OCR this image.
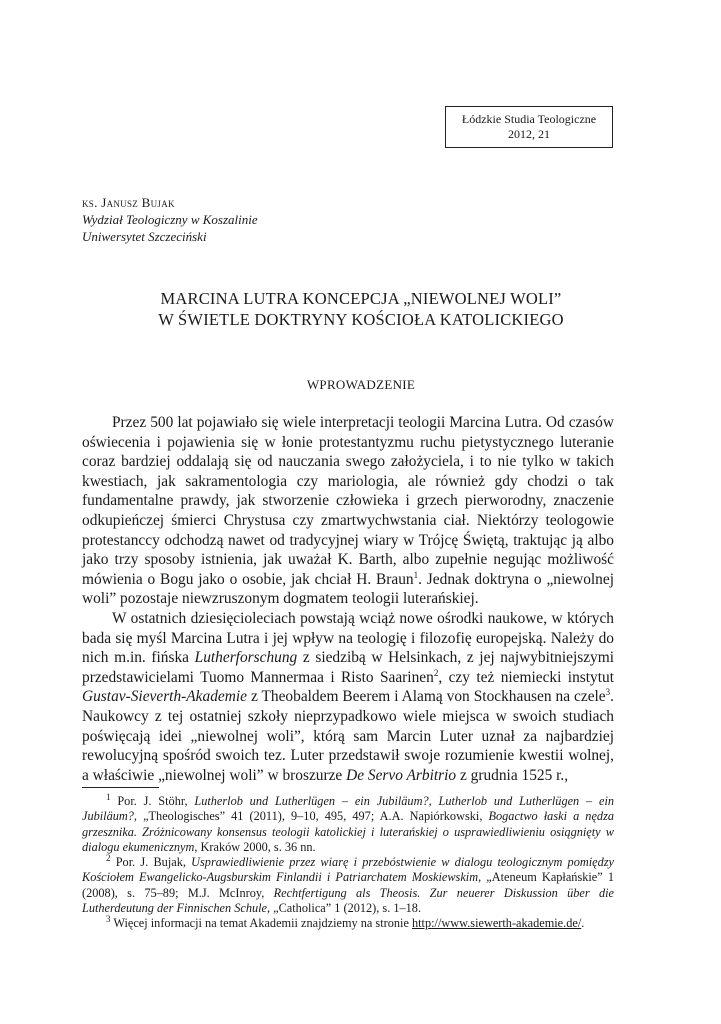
Łódzkie Studia Teologiczne
2012, 21
ks. Janusz Bujak
Wydział Teologiczny w Koszalinie
Uniwersytet Szczeciński
MARCINA LUTRA KONCEPCJA „NIEWOLNEJ WOLI”
W ŚWIETLE DOKTRYNY KOŚCIOŁA KATOLICKIEGO
WPROWADZENIE

Przez 500 lat pojawiało się wiele interpretacji teologii Marcina Lutra. Od czasów oświecenia i pojawienia się w łonie protestantyzmu ruchu pietystycznego luteranie coraz bardziej oddalają się od nauczania swego założyciela, i to nie tylko w takich kwestiach, jak sakramentologia czy mariologia, ale również gdy chodzi o tak fundamentalne prawdy, jak stworzenie człowieka i grzech pierworodny, znaczenie odkupieńczej śmierci Chrystusa czy zmartwychwstania ciał. Niektórzy teologowie protestanccy odchodzą nawet od tradycyjnej wiary w Trójcę Świętą, traktując ją albo jako trzy sposoby istnienia, jak uważał K. Barth, albo zupełnie negując możliwość mówienia o Bogu jako o osobie, jak chciał H. Braun$^1$. Jednak doktryna o „niewolnej woli” pozostaje niewzruszonym dogmatem teologii luterańskiej.

W ostatnich dziesięcioleciach powstają wciąż nowe ośrodki naukowe, w których bada się myśl Marcina Lutra i jej wpływ na teologię i filozofię europejską. Należy do nich m.in. fińska Lutherforschung z siedzibą w Helsinkach, z jej najwybitniejszymi przedstawicielami Tuomo Mannermaa i Risto Saarinen$^2$, czy też niemiecki instytut Gustav-Sieverth-Akademie z Theobaldem Beerem i Alamą von Stockhausen na czele$^3$. Naukowcy z tej ostatniej szkoły nieprzypadkowo wiele miejsca w swoich studiach poświęcają idei „niewolnej woli”, którą sam Marcin Luter uznał za najbardziej rewolucyjną spośród swoich tez. Luter przedstawił swoje rozumienie kwestii wolnej, a właściwie „niewolnej woli” w broszurze De Servo Arbitrio z grudnia 1525 r.,

$^1$ Por. J. Stöhr, Lutherlob und Lutherlügen – ein Jubiläum?, Lutherlob und Lutherlügen – ein Jubiläum?, „Theologisches” 41 (2011), 9–10, 495, 497; A.A. Napiórkowski, Bogactwo łaski a nędza grzesznika. Zróżnicowany konsensus teologii katolickiej i luterańskiej o usprawiedliwieniu osiągnięty w dialogu ekumenicznym, Kraków 2000, s. 36 nn.

$^2$ Por. J. Bujak, Usprawiedliwienie przez wiarę i przebóstwienie w dialogu teologicznym pomiędzy Kościołem Ewangelicko-Augsburskim Finlandii i Patriarchatem Moskiewskim, „Ateneum Kapłańskie” 1 (2008), s. 75–89; M.J. McInroy, Rechtfertigung als Theosis. Zur neuerer Diskussion über die Lutherdeutung der Finnischen Schule, „Catholica” 1 (2012), s. 1–18.

$^3$ Więcej informacji na temat Akademii znajdziemy na stronie http://www.siewerth-akademie.de/.
